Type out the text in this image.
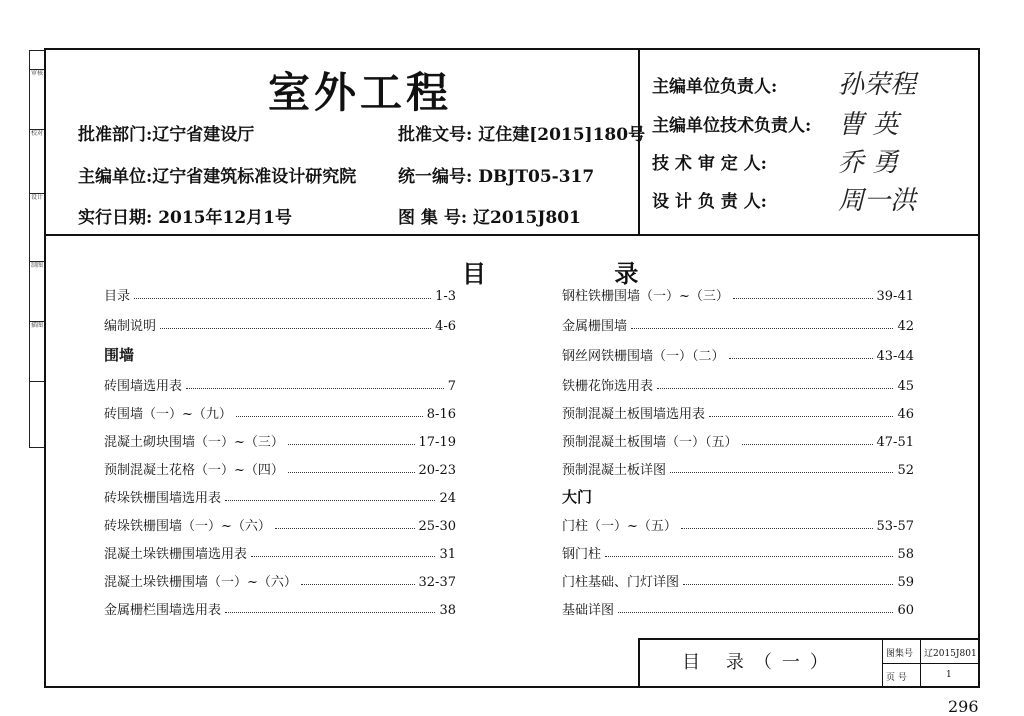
审核
校对
设计
制图
描图
室外工程
批准部门:辽宁省建设厅	批准文号: 辽住建[2015]180号
主编单位:辽宁省建筑标准设计研究院 统一编号: DBJT05-317
实行日期: 2015年12月1号	图 集 号: 辽2015J801
主编单位负责人: 孙荣程
主编单位技术负责人: 曹 英
技 术 审 定 人:	乔 勇
设 计 负 责 人:	周一洪
目 录
目录	1-3
编制说明	4-6
围墙
砖围墙选用表	7
砖围墙（一）~（九）	8-16
混凝土砌块围墙（一）~（三）	17-19
预制混凝土花格（一）~（四）	20-23
砖垛铁栅围墙选用表	24
砖垛铁栅围墙（一）~（六）	25-30
混凝土垛铁栅围墙选用表	31
混凝土垛铁栅围墙（一）~（六）	32-37
金属栅栏围墙选用表	38
钢柱铁栅围墙（一）~（三）	39-41
金属栅围墙	42
钢丝网铁栅围墙（一）（二）	43-44
铁栅花饰选用表	45
预制混凝土板围墙选用表	46
预制混凝土板围墙（一）（五）	47-51
预制混凝土板详图	52
大门
门柱（一）~（五）	53-57
钢门柱	58
门柱基础、门灯详图	59
基础详图	60
目 录（一）	图集号 辽2015J801
页 号	1
296
